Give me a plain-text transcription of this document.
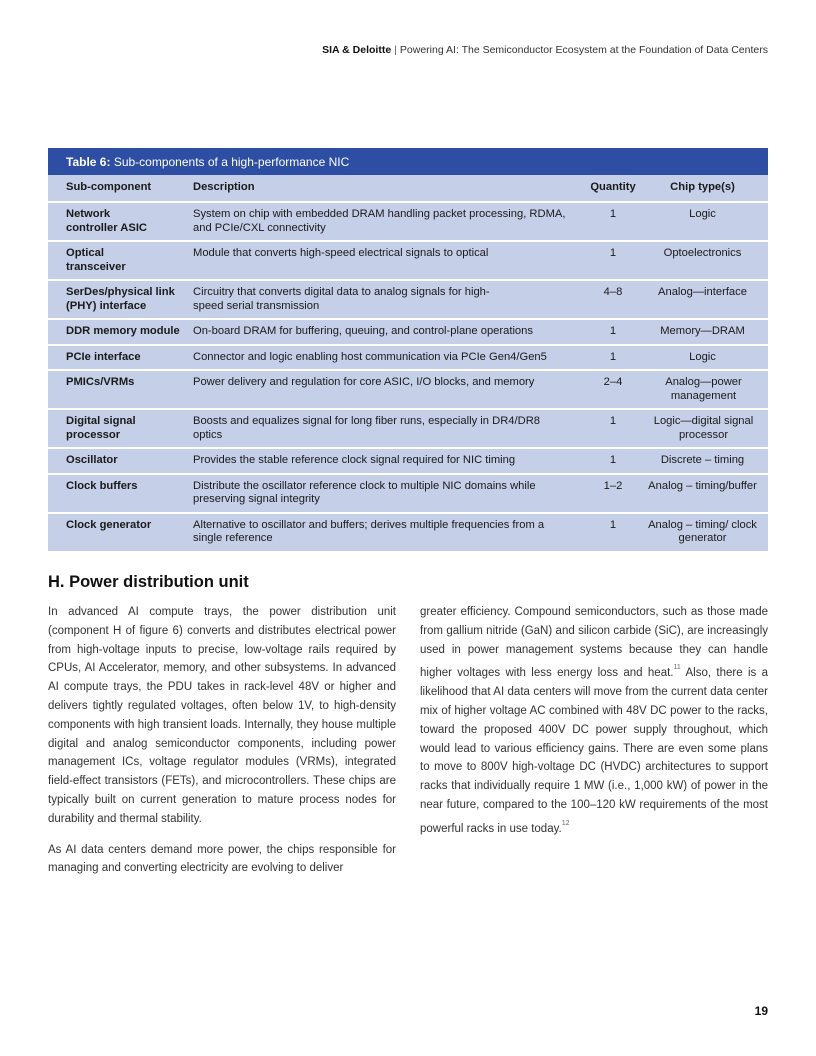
SIA & Deloitte | Powering AI: The Semiconductor Ecosystem at the Foundation of Data Centers
Table 6: Sub-components of a high-performance NIC
Sub-component	Description	Quantity	Chip type(s)
Network controller ASIC	System on chip with embedded DRAM handling packet processing, RDMA, and PCIe/CXL connectivity	1	Logic
Optical transceiver	Module that converts high-speed electrical signals to optical	1	Optoelectronics
SerDes/physical link (PHY) interface	Circuitry that converts digital data to analog signals for high-speed serial transmission	4–8	Analog—interface
DDR memory module	On-board DRAM for buffering, queuing, and control-plane operations	1	Memory—DRAM
PCIe interface	Connector and logic enabling host communication via PCIe Gen4/Gen5	1	Logic
PMICs/VRMs	Power delivery and regulation for core ASIC, I/O blocks, and memory	2–4	Analog—power management
Digital signal processor	Boosts and equalizes signal for long fiber runs, especially in DR4/DR8 optics	1	Logic—digital signal processor
Oscillator	Provides the stable reference clock signal required for NIC timing	1	Discrete – timing
Clock buffers	Distribute the oscillator reference clock to multiple NIC domains while preserving signal integrity	1–2	Analog – timing/buffer
Clock generator	Alternative to oscillator and buffers; derives multiple frequencies from a single reference	1	Analog – timing/ clock generator
H. Power distribution unit

In advanced AI compute trays, the power distribution unit (component H of figure 6) converts and distributes electrical power from high-voltage inputs to precise, low-voltage rails required by CPUs, AI Accelerator, memory, and other subsystems. In advanced AI compute trays, the PDU takes in rack-level 48V or higher and delivers tightly regulated voltages, often below 1V, to high-density components with high transient loads. Internally, they house multiple digital and analog semiconductor components, including power management ICs, voltage regulator modules (VRMs), integrated field-effect transistors (FETs), and microcontrollers. These chips are typically built on current generation to mature process nodes for durability and thermal stability.

As AI data centers demand more power, the chips responsible for managing and converting electricity are evolving to deliver

greater efficiency. Compound semiconductors, such as those made from gallium nitride (GaN) and silicon carbide (SiC), are increasingly used in power management systems because they can handle higher voltages with less energy loss and heat.$^{11}$ Also, there is a likelihood that AI data centers will move from the current data center mix of higher voltage AC combined with 48V DC power to the racks, toward the proposed 400V DC power supply throughout, which would lead to various efficiency gains. There are even some plans to move to 800V high-voltage DC (HVDC) architectures to support racks that individually require 1 MW (i.e., 1,000 kW) of power in the near future, compared to the 100–120 kW requirements of the most powerful racks in use today.$^{12}$

19
